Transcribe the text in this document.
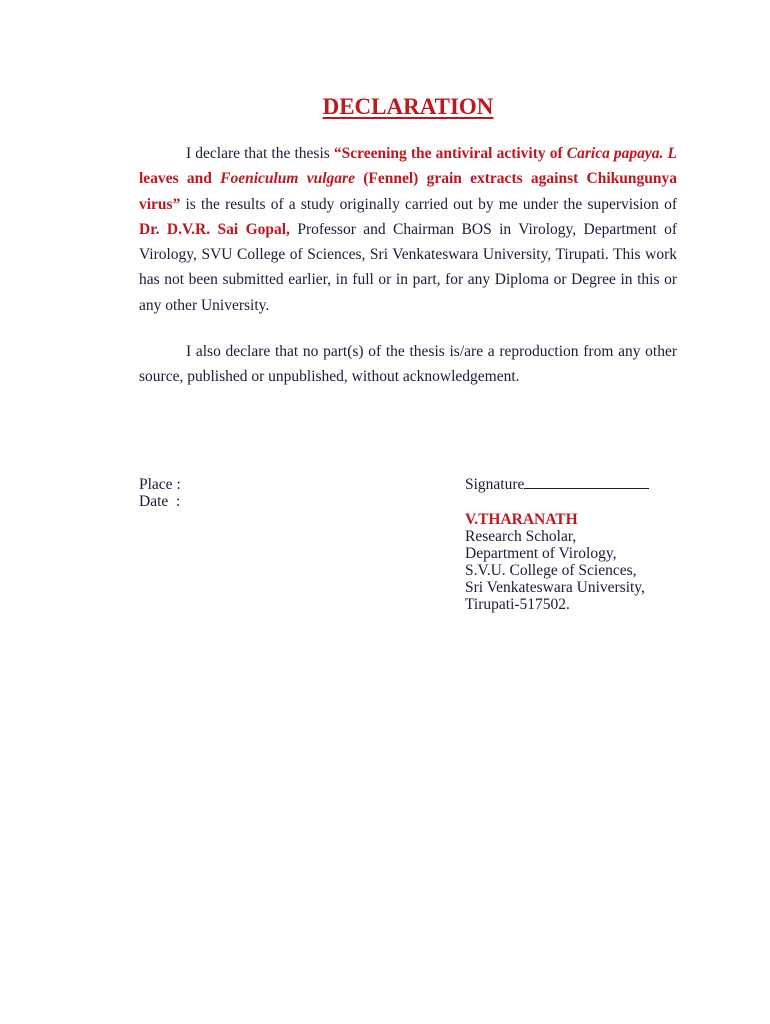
DECLARATION

I declare that the thesis “Screening the antiviral activity of Carica papaya. L leaves and Foeniculum vulgare (Fennel) grain extracts against Chikungunya virus” is the results of a study originally carried out by me under the supervision of Dr. D.V.R. Sai Gopal, Professor and Chairman BOS in Virology, Department of Virology, SVU College of Sciences, Sri Venkateswara University, Tirupati. This work has not been submitted earlier, in full or in part, for any Diploma or Degree in this or any other University.

I also declare that no part(s) of the thesis is/are a reproduction from any other source, published or unpublished, without acknowledgement.

Place :
Date  :
Signature
V.THARANATH
Research Scholar,
Department of Virology,
S.V.U. College of Sciences,
Sri Venkateswara University,
Tirupati-517502.
